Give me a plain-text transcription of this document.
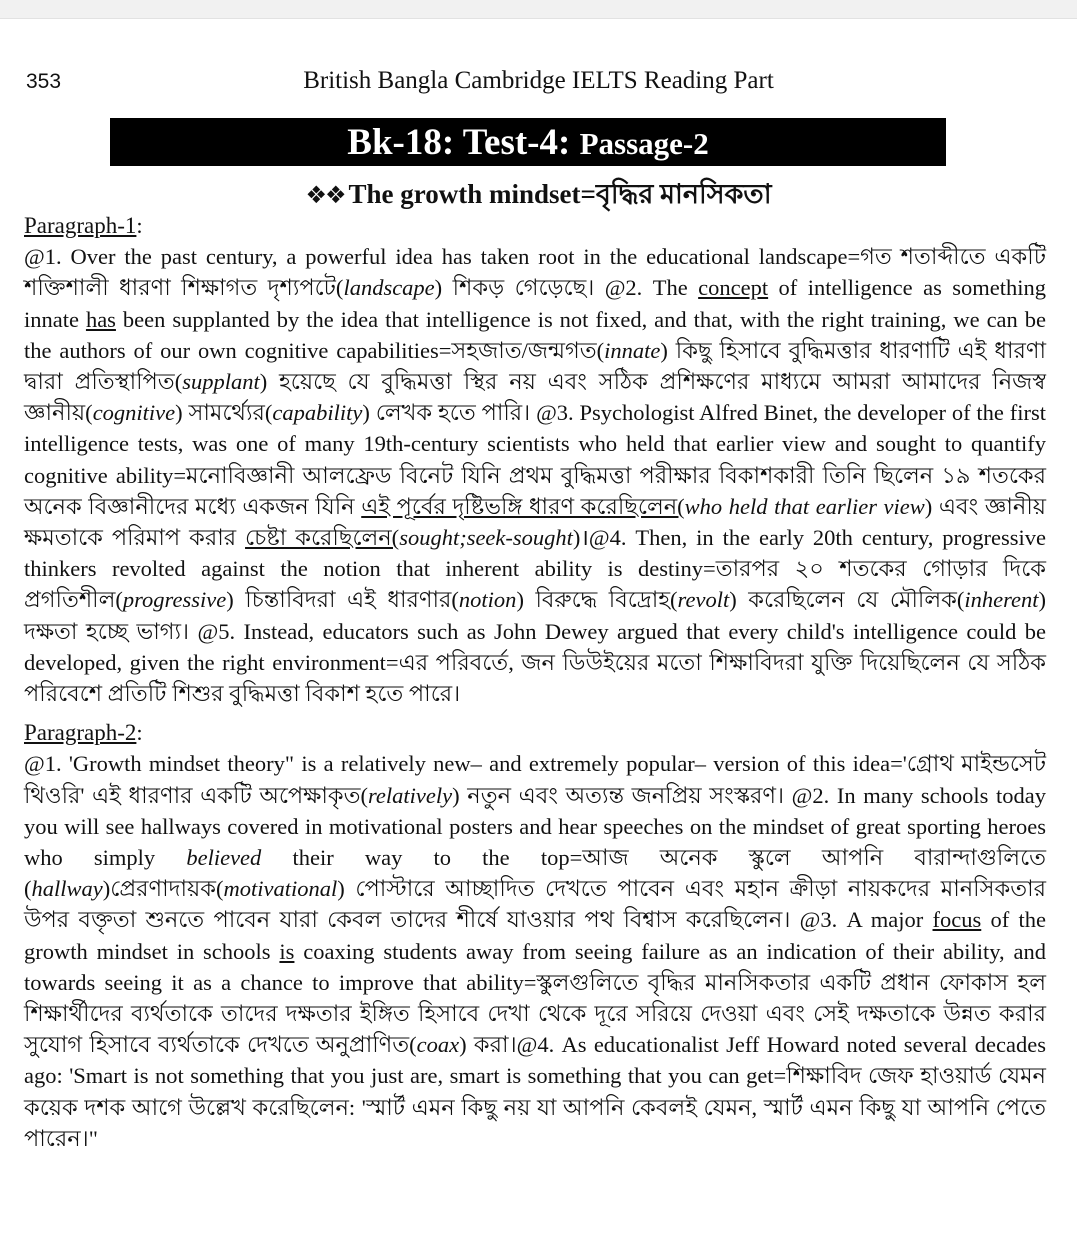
353	British Bangla Cambridge IELTS Reading Part
Bk-18: Test-4: Passage-2
❖❖ The growth mindset=বৃদ্ধির মানসিকতা
Paragraph-1:

@1. Over the past century, a powerful idea has taken root in the educational landscape=গত শতাব্দীতে একটি শক্তিশালী ধারণা শিক্ষাগত দৃশ্যপটে(landscape) শিকড় গেড়েছে। @2. The concept of intelligence as something innate has been supplanted by the idea that intelligence is not fixed, and that, with the right training, we can be the authors of our own cognitive capabilities=সহজাত/জন্মগত(innate) কিছু হিসাবে বুদ্ধিমত্তার ধারণাটি এই ধারণা দ্বারা প্রতিস্থাপিত(supplant) হয়েছে যে বুদ্ধিমত্তা স্থির নয় এবং সঠিক প্রশিক্ষণের মাধ্যমে আমরা আমাদের নিজস্ব জ্ঞানীয়(cognitive) সামর্থ্যের(capability) লেখক হতে পারি। @3. Psychologist Alfred Binet, the developer of the first intelligence tests, was one of many 19th-century scientists who held that earlier view and sought to quantify cognitive ability=মনোবিজ্ঞানী আলফ্রেড বিনেট যিনি প্রথম বুদ্ধিমত্তা পরীক্ষার বিকাশকারী তিনি ছিলেন ১৯ শতকের অনেক বিজ্ঞানীদের মধ্যে একজন যিনি এই পূর্বের দৃষ্টিভঙ্গি ধারণ করেছিলেন(who held that earlier view) এবং জ্ঞানীয় ক্ষমতাকে পরিমাপ করার চেষ্টা করেছিলেন(sought;seek-sought)।@4. Then, in the early 20th century, progressive thinkers revolted against the notion that inherent ability is destiny=তারপর ২০ শতকের গোড়ার দিকে প্রগতিশীল(progressive) চিন্তাবিদরা এই ধারণার(notion) বিরুদ্ধে বিদ্রোহ(revolt) করেছিলেন যে মৌলিক(inherent) দক্ষতা হচ্ছে ভাগ্য। @5. Instead, educators such as John Dewey argued that every child's intelligence could be developed, given the right environment=এর পরিবর্তে, জন ডিউইয়ের মতো শিক্ষাবিদরা যুক্তি দিয়েছিলেন যে সঠিক পরিবেশে প্রতিটি শিশুর বুদ্ধিমত্তা বিকাশ হতে পারে।

Paragraph-2:

@1. 'Growth mindset theory" is a relatively new– and extremely popular– version of this idea='গ্রোথ মাইন্ডসেট থিওরি' এই ধারণার একটি অপেক্ষাকৃত(relatively) নতুন এবং অত্যন্ত জনপ্রিয় সংস্করণ। @2. In many schools today you will see hallways covered in motivational posters and hear speeches on the mindset of great sporting heroes who simply believed their way to the top=আজ অনেক স্কুলে আপনি বারান্দাগুলিতে (hallway)প্রেরণাদায়ক(motivational) পোস্টারে আচ্ছাদিত দেখতে পাবেন এবং মহান ক্রীড়া নায়কদের মানসিকতার উপর বক্তৃতা শুনতে পাবেন যারা কেবল তাদের শীর্ষে যাওয়ার পথ বিশ্বাস করেছিলেন। @3. A major focus of the growth mindset in schools is coaxing students away from seeing failure as an indication of their ability, and towards seeing it as a chance to improve that ability=স্কুলগুলিতে বৃদ্ধির মানসিকতার একটি প্রধান ফোকাস হল শিক্ষার্থীদের ব্যর্থতাকে তাদের দক্ষতার ইঙ্গিত হিসাবে দেখা থেকে দূরে সরিয়ে দেওয়া এবং সেই দক্ষতাকে উন্নত করার সুযোগ হিসাবে ব্যর্থতাকে দেখতে অনুপ্রাণিত(coax) করা।@4. As educationalist Jeff Howard noted several decades ago: 'Smart is not something that you just are, smart is something that you can get=শিক্ষাবিদ জেফ হাওয়ার্ড যেমন কয়েক দশক আগে উল্লেখ করেছিলেন: 'স্মার্ট এমন কিছু নয় যা আপনি কেবলই যেমন, স্মার্ট এমন কিছু যা আপনি পেতে পারেন।"
